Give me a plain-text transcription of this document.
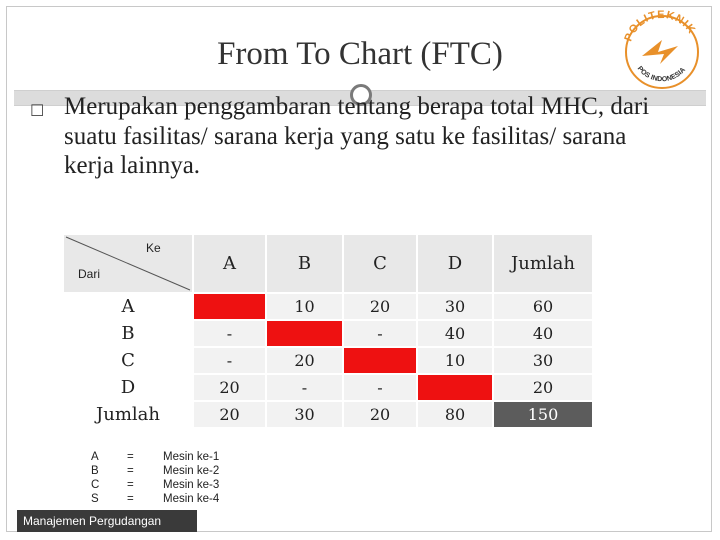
POLITEKNIK
POS INDONESIA
From To Chart (FTC)
☐ Merupakan penggambaran tentang berapa total MHC, dari suatu fasilitas/ sarana kerja yang satu ke fasilitas/ sarana kerja lainnya.
Ke
Dari	A	B	C	D	Jumlah
A		10	20	30	60
B	-		-	40	40
C	-	20		10	30
D	20	-	-		20
Jumlah	20	30	20	80	150
A =	Mesin ke-1
B =	Mesin ke-2
C =	Mesin ke-3
S =	Mesin ke-4
Manajemen Pergudangan
